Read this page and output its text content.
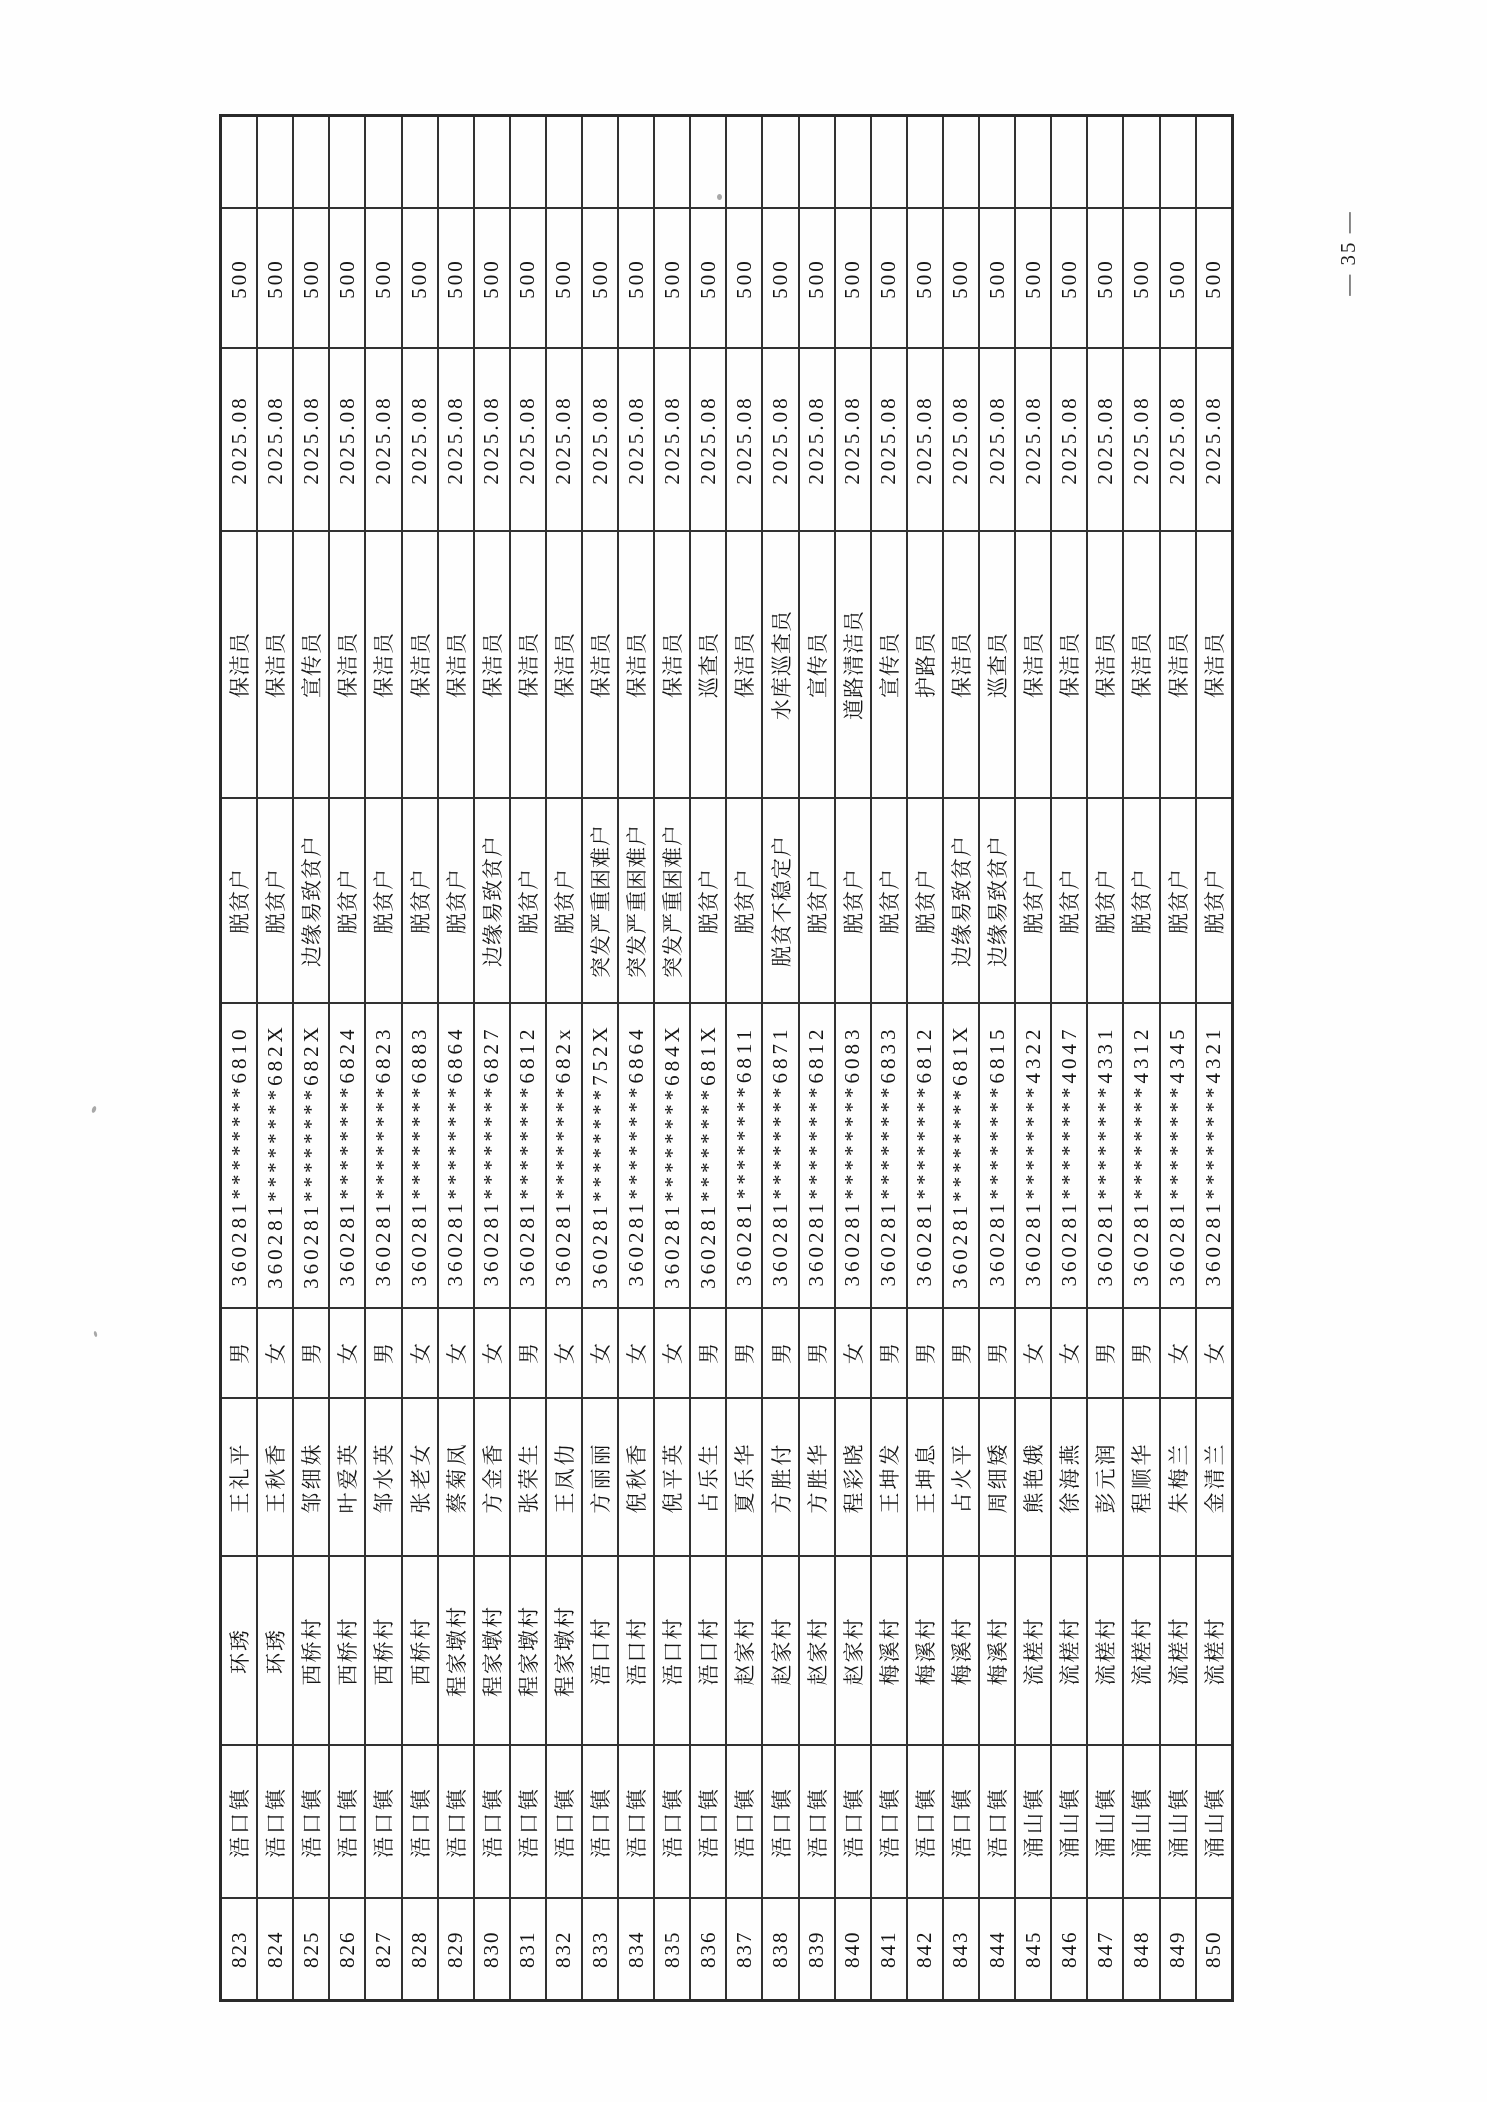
823	浯口镇	环琇	王礼平	男	360281********6810	脱贫户	保洁员	2025.08	500	
824	浯口镇	环琇	王秋香	女	360281********682X	脱贫户	保洁员	2025.08	500	
825	浯口镇	西桥村	邹细妹	男	360281********682X	边缘易致贫户	宣传员	2025.08	500	
826	浯口镇	西桥村	叶爱英	女	360281********6824	脱贫户	保洁员	2025.08	500	
827	浯口镇	西桥村	邹水英	男	360281********6823	脱贫户	保洁员	2025.08	500	
828	浯口镇	西桥村	张老女	女	360281********6883	脱贫户	保洁员	2025.08	500	
829	浯口镇	程家墩村	蔡菊凤	女	360281********6864	脱贫户	保洁员	2025.08	500	
830	浯口镇	程家墩村	方金香	女	360281********6827	边缘易致贫户	保洁员	2025.08	500	
831	浯口镇	程家墩村	张荣生	男	360281********6812	脱贫户	保洁员	2025.08	500	
832	浯口镇	程家墩村	王凤仂	女	360281********682x	脱贫户	保洁员	2025.08	500	
833	浯口镇	浯口村	方丽丽	女	360281********752X	突发严重困难户	保洁员	2025.08	500	
834	浯口镇	浯口村	倪秋香	女	360281********6864	突发严重困难户	保洁员	2025.08	500	
835	浯口镇	浯口村	倪平英	女	360281********684X	突发严重困难户	保洁员	2025.08	500	
836	浯口镇	浯口村	占乐生	男	360281********681X	脱贫户	巡查员	2025.08	500	
837	浯口镇	赵家村	夏乐华	男	360281********6811	脱贫户	保洁员	2025.08	500	
838	浯口镇	赵家村	方胜付	男	360281********6871	脱贫不稳定户	水库巡查员	2025.08	500	
839	浯口镇	赵家村	方胜华	男	360281********6812	脱贫户	宣传员	2025.08	500	
840	浯口镇	赵家村	程彩晓	女	360281********6083	脱贫户	道路清洁员	2025.08	500	
841	浯口镇	梅溪村	王坤发	男	360281********6833	脱贫户	宣传员	2025.08	500	
842	浯口镇	梅溪村	王坤息	男	360281********6812	脱贫户	护路员	2025.08	500	
843	浯口镇	梅溪村	占火平	男	360281********681X	边缘易致贫户	保洁员	2025.08	500	
844	浯口镇	梅溪村	周细矮	男	360281********6815	边缘易致贫户	巡查员	2025.08	500	
845	涌山镇	流槎村	熊艳娥	女	360281********4322	脱贫户	保洁员	2025.08	500	
846	涌山镇	流槎村	徐海燕	女	360281********4047	脱贫户	保洁员	2025.08	500	
847	涌山镇	流槎村	彭元润	男	360281********4331	脱贫户	保洁员	2025.08	500	
848	涌山镇	流槎村	程顺华	男	360281********4312	脱贫户	保洁员	2025.08	500	
849	涌山镇	流槎村	朱梅兰	女	360281********4345	脱贫户	保洁员	2025.08	500	
850	涌山镇	流槎村	金清兰	女	360281********4321	脱贫户	保洁员	2025.08	500		— 35 —
